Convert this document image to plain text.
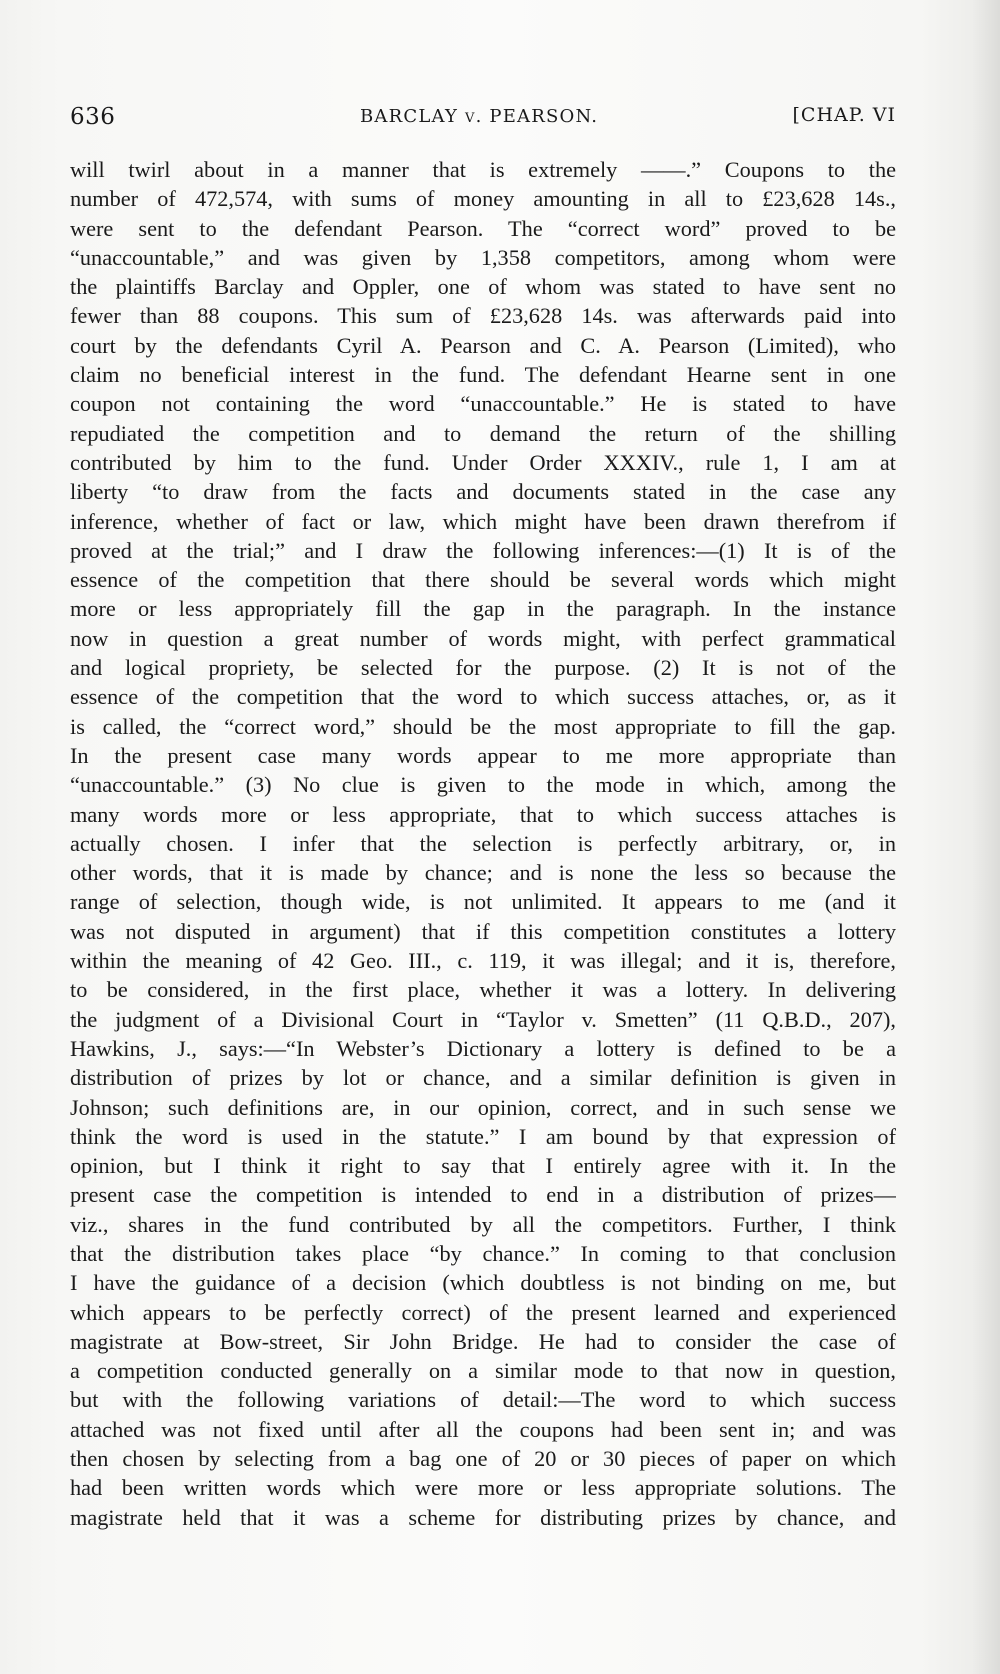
636	BARCLAY v. PEARSON.	[CHAP. VI
will twirl about in a manner that is extremely ——.” Coupons to the
number of 472,574, with sums of money amounting in all to £23,628 14s.,
were sent to the defendant Pearson. The “correct word” proved to be
“unaccountable,” and was given by 1,358 competitors, among whom were
the plaintiffs Barclay and Oppler, one of whom was stated to have sent no
fewer than 88 coupons. This sum of £23,628 14s. was afterwards paid into
court by the defendants Cyril A. Pearson and C. A. Pearson (Limited), who
claim no beneficial interest in the fund. The defendant Hearne sent in one
coupon not containing the word “unaccountable.” He is stated to have
repudiated the competition and to demand the return of the shilling
contributed by him to the fund. Under Order XXXIV., rule 1, I am at
liberty “to draw from the facts and documents stated in the case any
inference, whether of fact or law, which might have been drawn therefrom if
proved at the trial;” and I draw the following inferences:—(1) It is of the
essence of the competition that there should be several words which might
more or less appropriately fill the gap in the paragraph. In the instance
now in question a great number of words might, with perfect grammatical
and logical propriety, be selected for the purpose. (2) It is not of the
essence of the competition that the word to which success attaches, or, as it
is called, the “correct word,” should be the most appropriate to fill the gap.
In the present case many words appear to me more appropriate than
“unaccountable.” (3) No clue is given to the mode in which, among the
many words more or less appropriate, that to which success attaches is
actually chosen. I infer that the selection is perfectly arbitrary, or, in
other words, that it is made by chance; and is none the less so because the
range of selection, though wide, is not unlimited. It appears to me (and it
was not disputed in argument) that if this competition constitutes a lottery
within the meaning of 42 Geo. III., c. 119, it was illegal; and it is, therefore,
to be considered, in the first place, whether it was a lottery. In delivering
the judgment of a Divisional Court in “Taylor v. Smetten” (11 Q.B.D., 207),
Hawkins, J., says:—“In Webster’s Dictionary a lottery is defined to be a
distribution of prizes by lot or chance, and a similar definition is given in
Johnson; such definitions are, in our opinion, correct, and in such sense we
think the word is used in the statute.” I am bound by that expression of
opinion, but I think it right to say that I entirely agree with it. In the
present case the competition is intended to end in a distribution of prizes—
viz., shares in the fund contributed by all the competitors. Further, I think
that the distribution takes place “by chance.” In coming to that conclusion
I have the guidance of a decision (which doubtless is not binding on me, but
which appears to be perfectly correct) of the present learned and experienced
magistrate at Bow-street, Sir John Bridge. He had to consider the case of
a competition conducted generally on a similar mode to that now in question,
but with the following variations of detail:—The word to which success
attached was not fixed until after all the coupons had been sent in; and was
then chosen by selecting from a bag one of 20 or 30 pieces of paper on which
had been written words which were more or less appropriate solutions. The
magistrate held that it was a scheme for distributing prizes by chance, and
